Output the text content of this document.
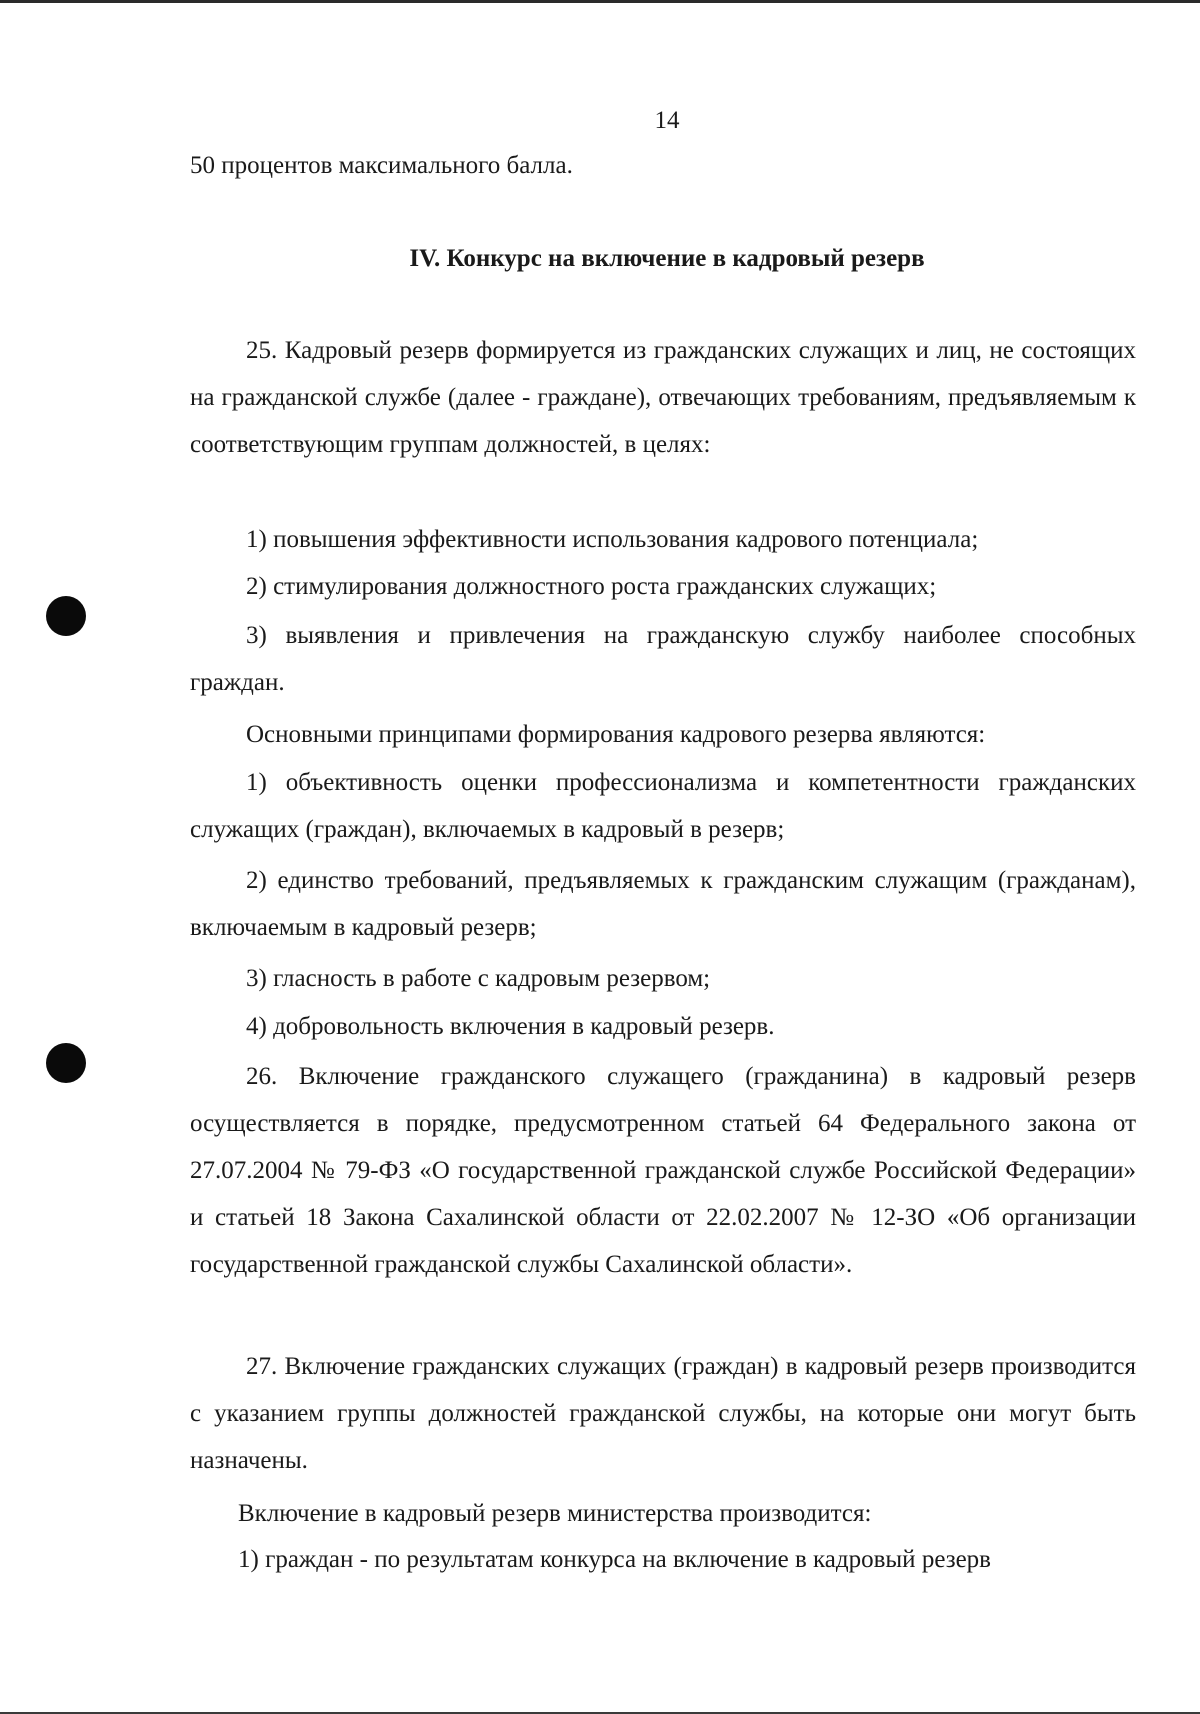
14
50 процентов максимального балла.
IV. Конкурс на включение в кадровый резерв
25. Кадровый резерв формируется из гражданских служащих и лиц, не состоящих на гражданской службе (далее - граждане), отвечающих требованиям, предъявляемым к соответствующим группам должностей, в целях:
1) повышения эффективности использования кадрового потенциала;
2) стимулирования должностного роста гражданских служащих;
3) выявления и привлечения на гражданскую службу наиболее способных граждан.
Основными принципами формирования кадрового резерва являются:
1) объективность оценки профессионализма и компетентности гражданских служащих (граждан), включаемых в кадровый в резерв;
2) единство требований, предъявляемых к гражданским служащим (гражданам), включаемым в кадровый резерв;
3) гласность в работе с кадровым резервом;
4) добровольность включения в кадровый резерв.
26. Включение гражданского служащего (гражданина) в кадровый резерв осуществляется в порядке, предусмотренном статьей 64 Федерального закона от 27.07.2004 № 79-ФЗ «О государственной гражданской службе Российской Федерации» и статьей 18 Закона Сахалинской области от 22.02.2007 № 12-ЗО «Об организации государственной гражданской службы Сахалинской области».
27. Включение гражданских служащих (граждан) в кадровый резерв производится с указанием группы должностей гражданской службы, на которые они могут быть назначены.
Включение в кадровый резерв министерства производится:
1) граждан - по результатам конкурса на включение в кадровый резерв
